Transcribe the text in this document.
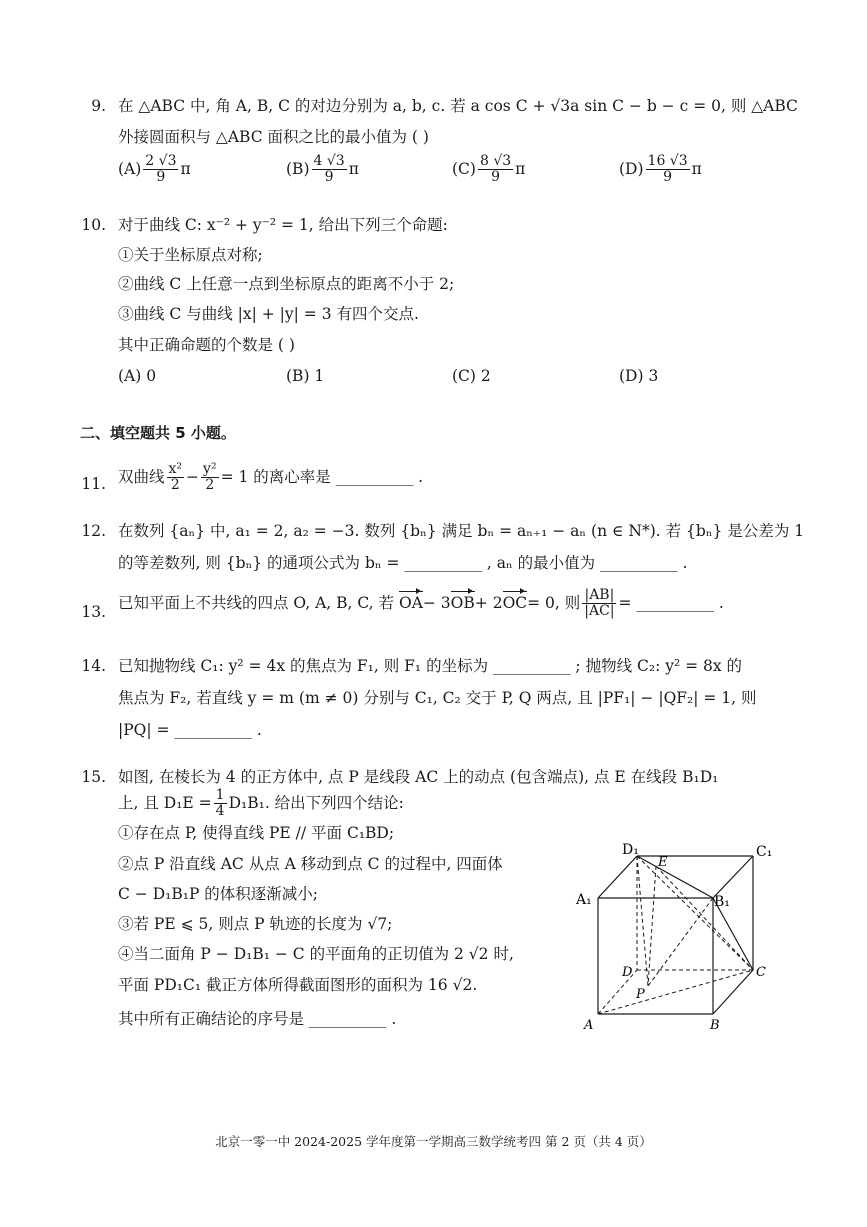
9. 在 △ABC 中, 角 A, B, C 的对边分别为 a, b, c. 若 a cos C + √3a sin C − b − c = 0, 则 △ABC
外接圆面积与 △ABC 面积之比的最小值为 ( )
$(A) \frac{2 √3}{9}$ π	$(B) \frac{4 √3}{9}$ π	$(C) \frac{8 √3}{9}$ π	$(D) \frac{16 √3}{9}$ π
10. 对于曲线 C: x⁻² + y⁻² = 1, 给出下列三个命题:
①关于坐标原点对称;
②曲线 C 上任意一点到坐标原点的距离不小于 2;
③曲线 C 与曲线 |x| + |y| = 3 有四个交点.
其中正确命题的个数是 ( )
(A) 0	(B) 1	(C) 2	(D) 3
二、填空题共 5 小题。
11. 双曲线 $\frac{\text{x²}}{2} - \frac{\text{y²}}{2} = 1$ 的离心率是 __________ .
12. 在数列 {aₙ} 中, a₁ = 2, a₂ = −3. 数列 {bₙ} 满足 bₙ = aₙ₊₁ − aₙ (n ∈ N*). 若 {bₙ} 是公差为 1
的等差数列, 则 {bₙ} 的通项公式为 bₙ = __________ , aₙ 的最小值为 __________ .
13.
已知平面上不共线的四点 O, A, B, C, 若
OA − 3 OB + 2 OC = 0, 则 $\frac{|AB|}{|AC|}$ = __________ .
14. 已知抛物线 C₁: y² = 4x 的焦点为 F₁, 则 F₁ 的坐标为 __________ ; 抛物线 C₂: y² = 8x 的
焦点为 F₂, 若直线 y = m (m ≠ 0) 分别与 C₁, C₂ 交于 P, Q 两点, 且 |PF₁| − |QF₂| = 1, 则
|PQ| = __________ .
15. 如图, 在棱长为 4 的正方体中, 点 P 是线段 AC 上的动点 (包含端点), 点 E 在线段 B₁D₁
上, 且 $D_1E = \frac{1}{4} D_1B_1$. 给出下列四个结论:
①存在点 P, 使得直线 PE // 平面 C₁BD;
②点 P 沿直线 AC 从点 A 移动到点 C 的过程中, 四面体
C − D₁B₁P 的体积逐渐减小;
③若 PE ⩽ 5, 则点 P 轨迹的长度为 √7;
④当二面角 P − D₁B₁ − C 的平面角的正切值为 2 √2 时,
平面 PD₁C₁ 截正方体所得截面图形的面积为 16 √2.
其中所有正确结论的序号是 __________ .
D₁	C₁
A₁	B₁
E
D	C
P
A	B
北京一零一中 2024-2025 学年度第一学期高三数学统考四 第 2 页（共 4 页）
